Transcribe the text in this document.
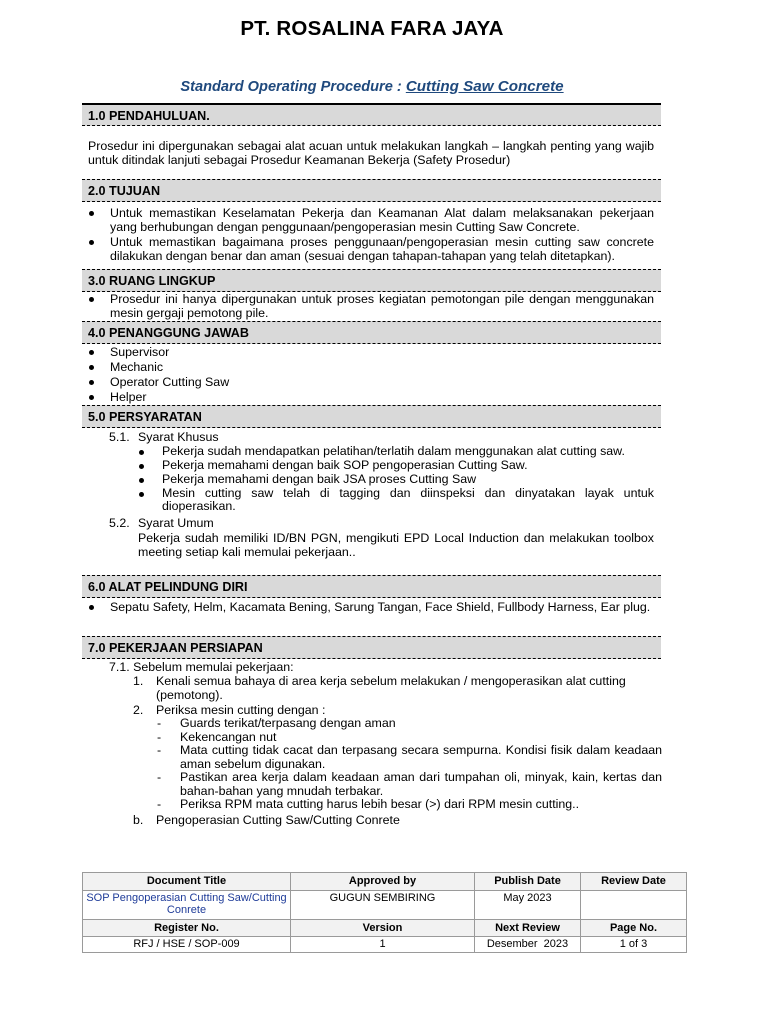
PT. ROSALINA FARA JAYA
Standard Operating Procedure : Cutting Saw Concrete
1.0 PENDAHULUAN.
Prosedur ini dipergunakan sebagai alat acuan untuk melakukan langkah – langkah penting yang wajib untuk ditindak lanjuti sebagai Prosedur Keamanan Bekerja (Safety Prosedur)
2.0 TUJUAN
Untuk memastikan Keselamatan Pekerja dan Keamanan Alat dalam melaksanakan pekerjaan yang berhubungan dengan penggunaan/pengoperasian mesin Cutting Saw Concrete.
Untuk memastikan bagaimana proses penggunaan/pengoperasian mesin cutting saw concrete dilakukan dengan benar dan aman (sesuai dengan tahapan-tahapan yang telah ditetapkan).
3.0 RUANG LINGKUP
Prosedur ini hanya dipergunakan untuk proses kegiatan pemotongan pile dengan menggunakan mesin gergaji pemotong pile.
4.0 PENANGGUNG JAWAB
Supervisor
Mechanic
Operator Cutting Saw
Helper
5.0 PERSYARATAN
5.1. Syarat Khusus
Pekerja sudah mendapatkan pelatihan/terlatih dalam menggunakan alat cutting saw.
Pekerja memahami dengan baik SOP pengoperasian Cutting Saw.
Pekerja memahami dengan baik JSA proses Cutting Saw
Mesin cutting saw telah di tagging dan diinspeksi dan dinyatakan layak untuk dioperasikan.
5.2. Syarat Umum
Pekerja sudah memiliki ID/BN PGN, mengikuti EPD Local Induction dan melakukan toolbox meeting setiap kali memulai pekerjaan..
6.0 ALAT PELINDUNG DIRI
Sepatu Safety, Helm, Kacamata Bening, Sarung Tangan, Face Shield, Fullbody Harness, Ear plug.
7.0 PEKERJAAN PERSIAPAN
7.1. Sebelum memulai pekerjaan:
1. Kenali semua bahaya di area kerja sebelum melakukan / mengoperasikan alat cutting (pemotong).
2. Periksa mesin cutting dengan :
- Guards terikat/terpasang dengan aman
- Kekencangan nut
- Mata cutting tidak cacat dan terpasang secara sempurna. Kondisi fisik dalam keadaan aman sebelum digunakan.
- Pastikan area kerja dalam keadaan aman dari tumpahan oli, minyak, kain, kertas dan bahan-bahan yang mnudah terbakar.
- Periksa RPM mata cutting harus lebih besar (>) dari RPM mesin cutting..
b. Pengoperasian Cutting Saw/Cutting Conrete
Document Title	Approved by	Publish Date	Review Date
SOP Pengoperasian Cutting Saw/Cutting Conrete	GUGUN SEMBIRING	May 2023	
Register No.	Version	Next Review	Page No.
RFJ / HSE / SOP-009	1	Desember  2023	1 of 3
